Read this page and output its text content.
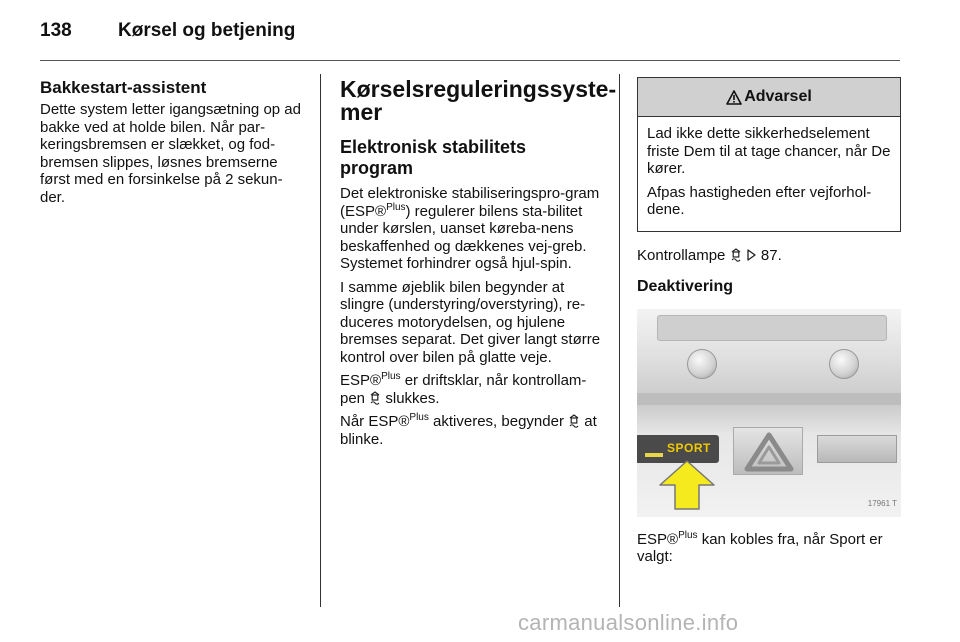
138	Kørsel og betjening
Bakkestart-assistent

Dette system letter igangsætning op ad bakke ved at holde bilen. Når par-keringsbremsen er slækket, og fod-bremsen slippes, løsnes bremserne først med en forsinkelse på 2 sekun-der.

Kørselsreguleringssyste-
mer
Elektronisk stabilitets program

Det elektroniske stabiliseringspro-gram (ESP®$^{Plus}$) regulerer bilens sta-bilitet under kørslen, uanset køreba-nens beskaffenhed og dækkenes vej-greb. Systemet forhindrer også hjul-spin.

I samme øjeblik bilen begynder at slingre (understyring/overstyring), re-duceres motorydelsen, og hjulene bremses separat. Det giver langt større kontrol over bilen på glatte veje.

ESP®$^{Plus}$ er driftsklar, når kontrollam-pen  slukkes.

Når ESP®$^{Plus}$ aktiveres, begynder  at blinke.

Advarsel

Lad ikke dette sikkerhedselement friste Dem til at tage chancer, når De kører.

Afpas hastigheden efter vejforhol-dene.

Kontrollampe   87.

Deaktivering
SPORT
17961 T

ESP®$^{Plus}$ kan kobles fra, når Sport er valgt:

carmanualsonline.info
